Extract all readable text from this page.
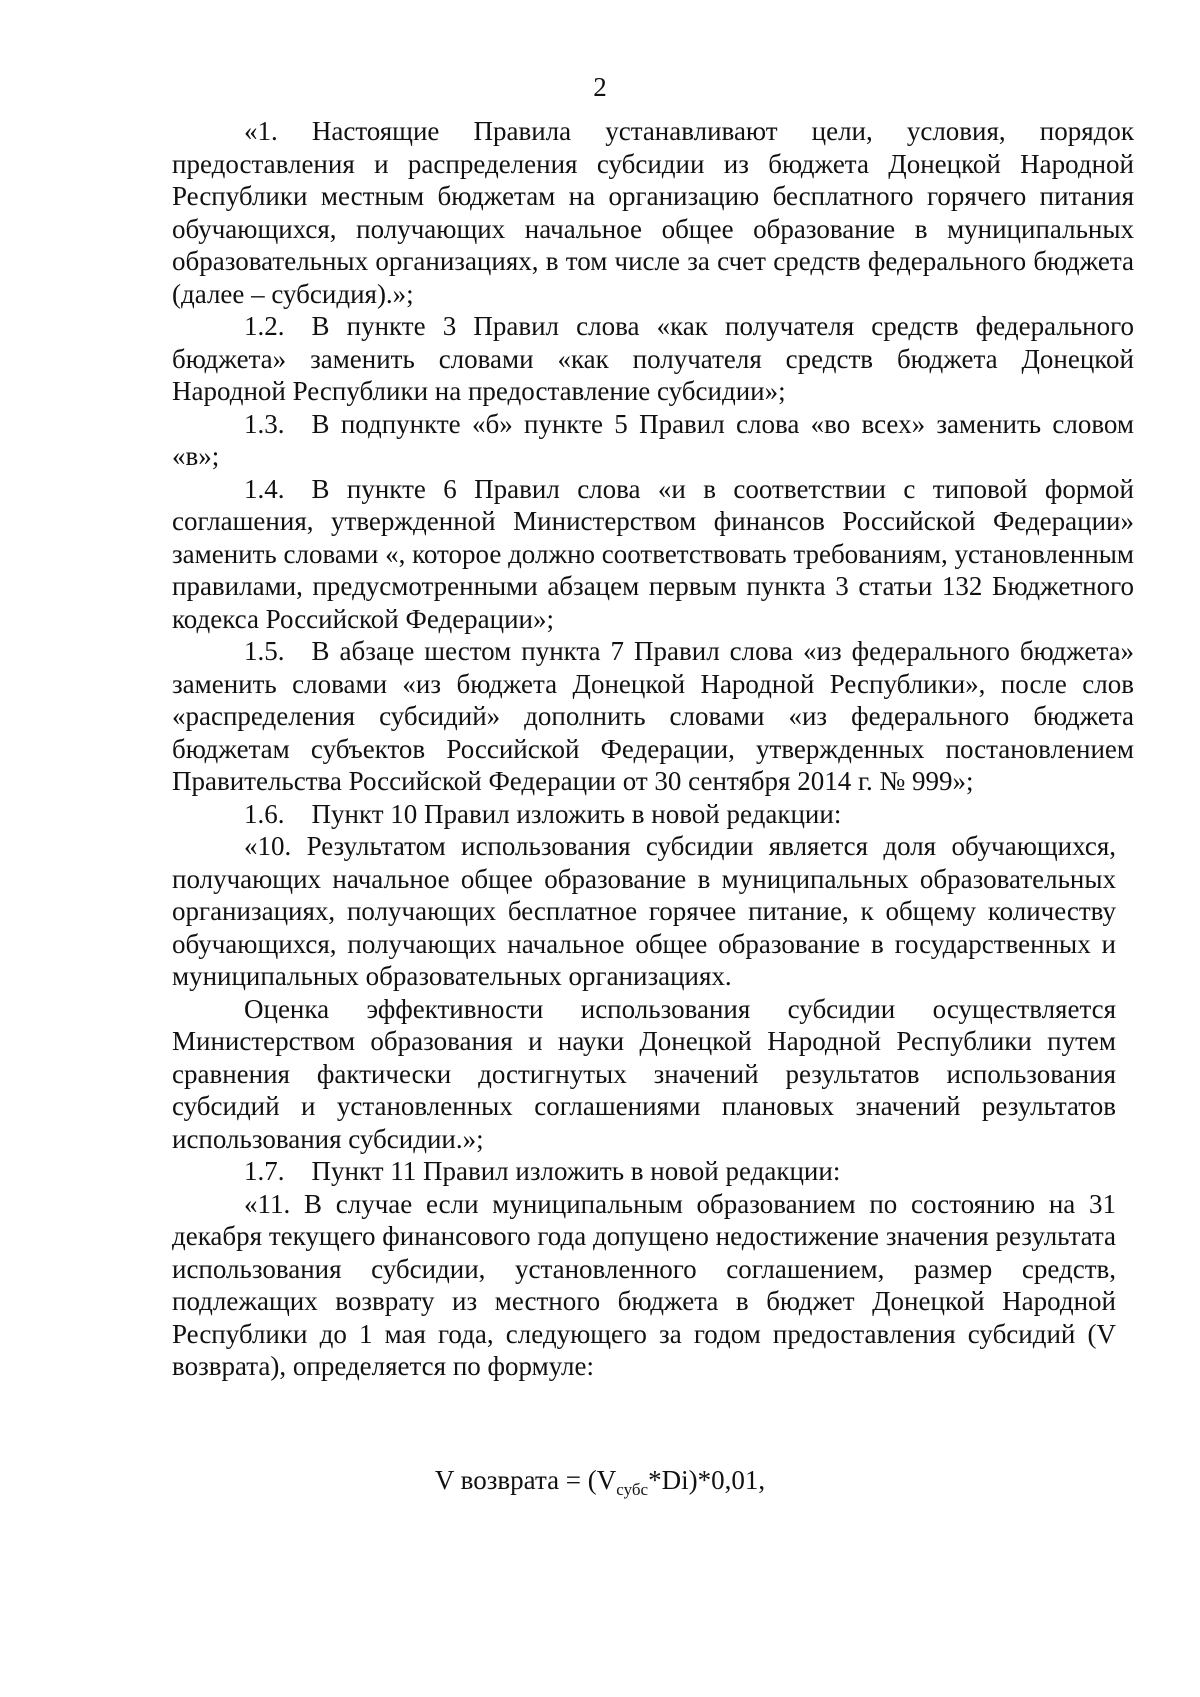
2

«1. Настоящие Правила устанавливают цели, условия, порядок предоставления и распределения субсидии из бюджета Донецкой Народной Республики местным бюджетам на организацию бесплатного горячего питания обучающихся, получающих начальное общее образование в муниципальных образовательных организациях, в том числе за счет средств федерального бюджета (далее – субсидия).»;

1.2. В пункте 3 Правил слова «как получателя средств федерального бюджета» заменить словами «как получателя средств бюджета Донецкой Народной Республики на предоставление субсидии»;

1.3. В подпункте «б» пункте 5 Правил слова «во всех» заменить словом «в»;

1.4. В пункте 6 Правил слова «и в соответствии с типовой формой соглашения, утвержденной Министерством финансов Российской Федерации» заменить словами «, которое должно соответствовать требованиям, установленным правилами, предусмотренными абзацем первым пункта 3 статьи 132 Бюджетного кодекса Российской Федерации»;

1.5. В абзаце шестом пункта 7 Правил слова «из федерального бюджета» заменить словами «из бюджета Донецкой Народной Республики», после слов «распределения субсидий» дополнить словами «из федерального бюджета бюджетам субъектов Российской Федерации, утвержденных постановлением Правительства Российской Федерации от 30 сентября 2014 г. № 999»;

1.6. Пункт 10 Правил изложить в новой редакции:

«10. Результатом использования субсидии является доля обучающихся, получающих начальное общее образование в муниципальных образовательных организациях, получающих бесплатное горячее питание, к общему количеству обучающихся, получающих начальное общее образование в государственных и муниципальных образовательных организациях.

Оценка эффективности использования субсидии осуществляется Министерством образования и науки Донецкой Народной Республики путем сравнения фактически достигнутых значений результатов использования субсидий и установленных соглашениями плановых значений результатов использования субсидии.»;

1.7. Пункт 11 Правил изложить в новой редакции:

«11. В случае если муниципальным образованием по состоянию на 31 декабря текущего финансового года допущено недостижение значения результата использования субсидии, установленного соглашением, размер средств, подлежащих возврату из местного бюджета в бюджет Донецкой Народной Республики до 1 мая года, следующего за годом предоставления субсидий (V возврата), определяется по формуле:

V возврата = $(V_{субс}*Di)*0,01$,
